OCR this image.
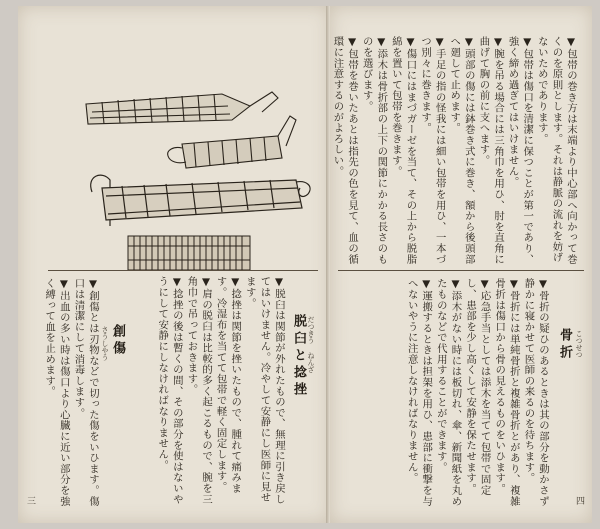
脱臼と捻挫 だつきう ねんざ
▼脱臼は関節が外れたもので、無理に引き戻してはいけません。冷やして安静にし医師に見せます。
▼捻挫は関節を挫いたもので、腫れて痛みます。冷湿布を当てて包帯で軽く固定します。
▼肩の脱臼は比較的多く起こるもので、腕を三角巾で吊っておきます。
▼捻挫の後は暫くの間、その部分を使はないやうにして安静にしなければなりません。
創傷
さうしやう
▼創傷とは刃物などで切った傷をいひます。傷口は清潔にして消毒します。
▼出血の多い時は傷口より心臓に近い部分を強く縛って血を止めます。
三
▼包帯の巻き方は末端より中心部へ向かって巻くのを原則とします。それは静脈の流れを妨げないためであります。
▼包帯は傷口を清潔に保つことが第一であり、強く締め過ぎてはいけません。
▼腕を吊る場合には三角巾を用ひ、肘を直角に曲げて胸の前に支へます。
▼頭部の傷には鉢巻き式に巻き、額から後頭部へ廻して止めます。
▼手足の指の怪我には細い包帯を用ひ、一本づつ別々に巻きます。
▼傷口にはまづガーゼを当て、その上から脱脂綿を置いて包帯を巻きます。
▼添木は骨折部の上下の関節にかかる長さのものを選びます。
▼包帯を巻いたあとは指先の色を見て、血の循環に注意するのがよろしい。
骨折 こつせつ
▼骨折の疑ひのあるときは其の部分を動かさず静かに寝かせて医師の来るのを待ちます。
▼骨折には単純骨折と複雑骨折とがあり、複雑骨折は傷口から骨の見えるものをいひます。
▼応急手当としては添木を当てて包帯で固定し、患部を少し高くして安静を保たせます。
▼添木がない時には板切れ、傘、新聞紙を丸めたものなどで代用することができます。
▼運搬するときは担架を用ひ、患部に衝撃を与へないやうに注意しなければなりません。
四
